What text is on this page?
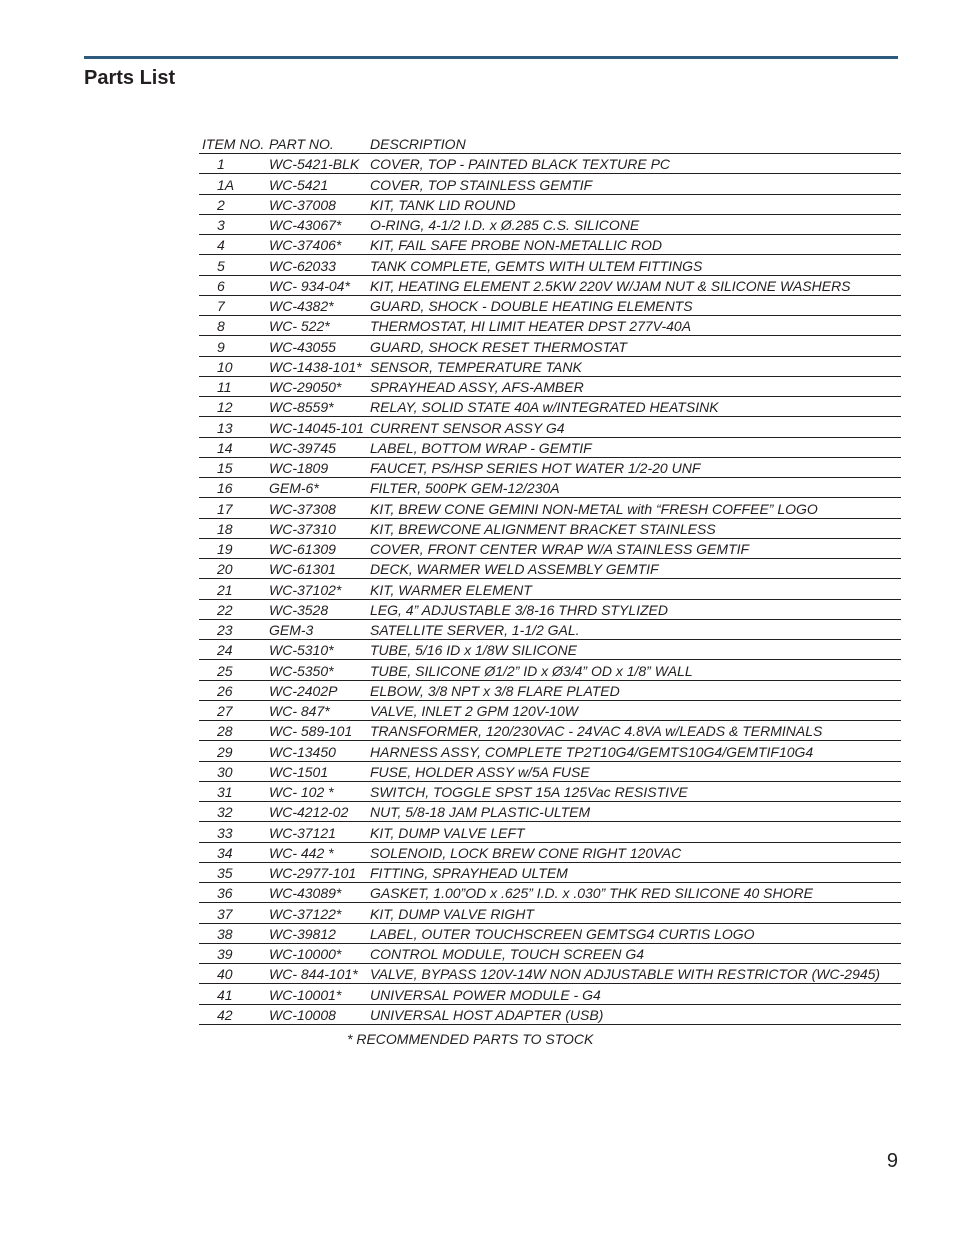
Parts List
ITEM NO. PART NO.	DESCRIPTION
1	WC-5421-BLK COVER, TOP - PAINTED BLACK TEXTURE PC
1A	WC-5421	COVER, TOP STAINLESS GEMTIF
2	WC-37008	KIT, TANK LID ROUND
3	WC-43067*	O-RING, 4-1/2 I.D. x Ø.285 C.S. SILICONE
4	WC-37406*	KIT, FAIL SAFE PROBE NON-METALLIC ROD
5	WC-62033	TANK COMPLETE, GEMTS WITH ULTEM FITTINGS
6	WC- 934-04*	KIT, HEATING ELEMENT 2.5KW 220V W/JAM NUT & SILICONE WASHERS
7	WC-4382*	GUARD, SHOCK - DOUBLE HEATING ELEMENTS
8	WC- 522*	THERMOSTAT, HI LIMIT HEATER DPST 277V-40A
9	WC-43055	GUARD, SHOCK RESET THERMOSTAT
10	WC-1438-101* SENSOR, TEMPERATURE TANK
11	WC-29050*	SPRAYHEAD ASSY, AFS-AMBER
12	WC-8559*	RELAY, SOLID STATE 40A w/INTEGRATED HEATSINK
13	WC-14045-101 CURRENT SENSOR ASSY G4
14	WC-39745	LABEL, BOTTOM WRAP - GEMTIF
15	WC-1809	FAUCET, PS/HSP SERIES HOT WATER 1/2-20 UNF
16	GEM-6*	FILTER, 500PK GEM-12/230A
17	WC-37308	KIT, BREW CONE GEMINI NON-METAL with “FRESH COFFEE” LOGO
18	WC-37310	KIT, BREWCONE ALIGNMENT BRACKET STAINLESS
19	WC-61309	COVER, FRONT CENTER WRAP W/A STAINLESS GEMTIF
20	WC-61301	DECK, WARMER WELD ASSEMBLY GEMTIF
21	WC-37102*	KIT, WARMER ELEMENT
22	WC-3528	LEG, 4” ADJUSTABLE 3/8-16 THRD STYLIZED
23	GEM-3	SATELLITE SERVER, 1-1/2 GAL.
24	WC-5310*	TUBE, 5/16 ID x 1/8W SILICONE
25	WC-5350*	TUBE, SILICONE Ø1/2” ID x Ø3/4” OD x 1/8” WALL
26	WC-2402P	ELBOW, 3/8 NPT x 3/8 FLARE PLATED
27	WC- 847*	VALVE, INLET 2 GPM 120V-10W
28	WC- 589-101	TRANSFORMER, 120/230VAC - 24VAC 4.8VA w/LEADS & TERMINALS
29	WC-13450	HARNESS ASSY, COMPLETE TP2T10G4/GEMTS10G4/GEMTIF10G4
30	WC-1501	FUSE, HOLDER ASSY w/5A FUSE
31	WC- 102 *	SWITCH, TOGGLE SPST 15A 125Vac RESISTIVE
32	WC-4212-02	NUT, 5/8-18 JAM PLASTIC-ULTEM
33	WC-37121	KIT, DUMP VALVE LEFT
34	WC- 442 *	SOLENOID, LOCK BREW CONE RIGHT 120VAC
35	WC-2977-101 FITTING, SPRAYHEAD ULTEM
36	WC-43089*	GASKET, 1.00”OD x .625” I.D. x .030” THK RED SILICONE 40 SHORE
37	WC-37122*	KIT, DUMP VALVE RIGHT
38	WC-39812	LABEL, OUTER TOUCHSCREEN GEMTSG4 CURTIS LOGO
39	WC-10000*	CONTROL MODULE, TOUCH SCREEN G4
40	WC- 844-101* VALVE, BYPASS 120V-14W NON ADJUSTABLE WITH RESTRICTOR (WC-2945)
41	WC-10001*	UNIVERSAL POWER MODULE - G4
42	WC-10008	UNIVERSAL HOST ADAPTER (USB)
* RECOMMENDED PARTS TO STOCK
9
